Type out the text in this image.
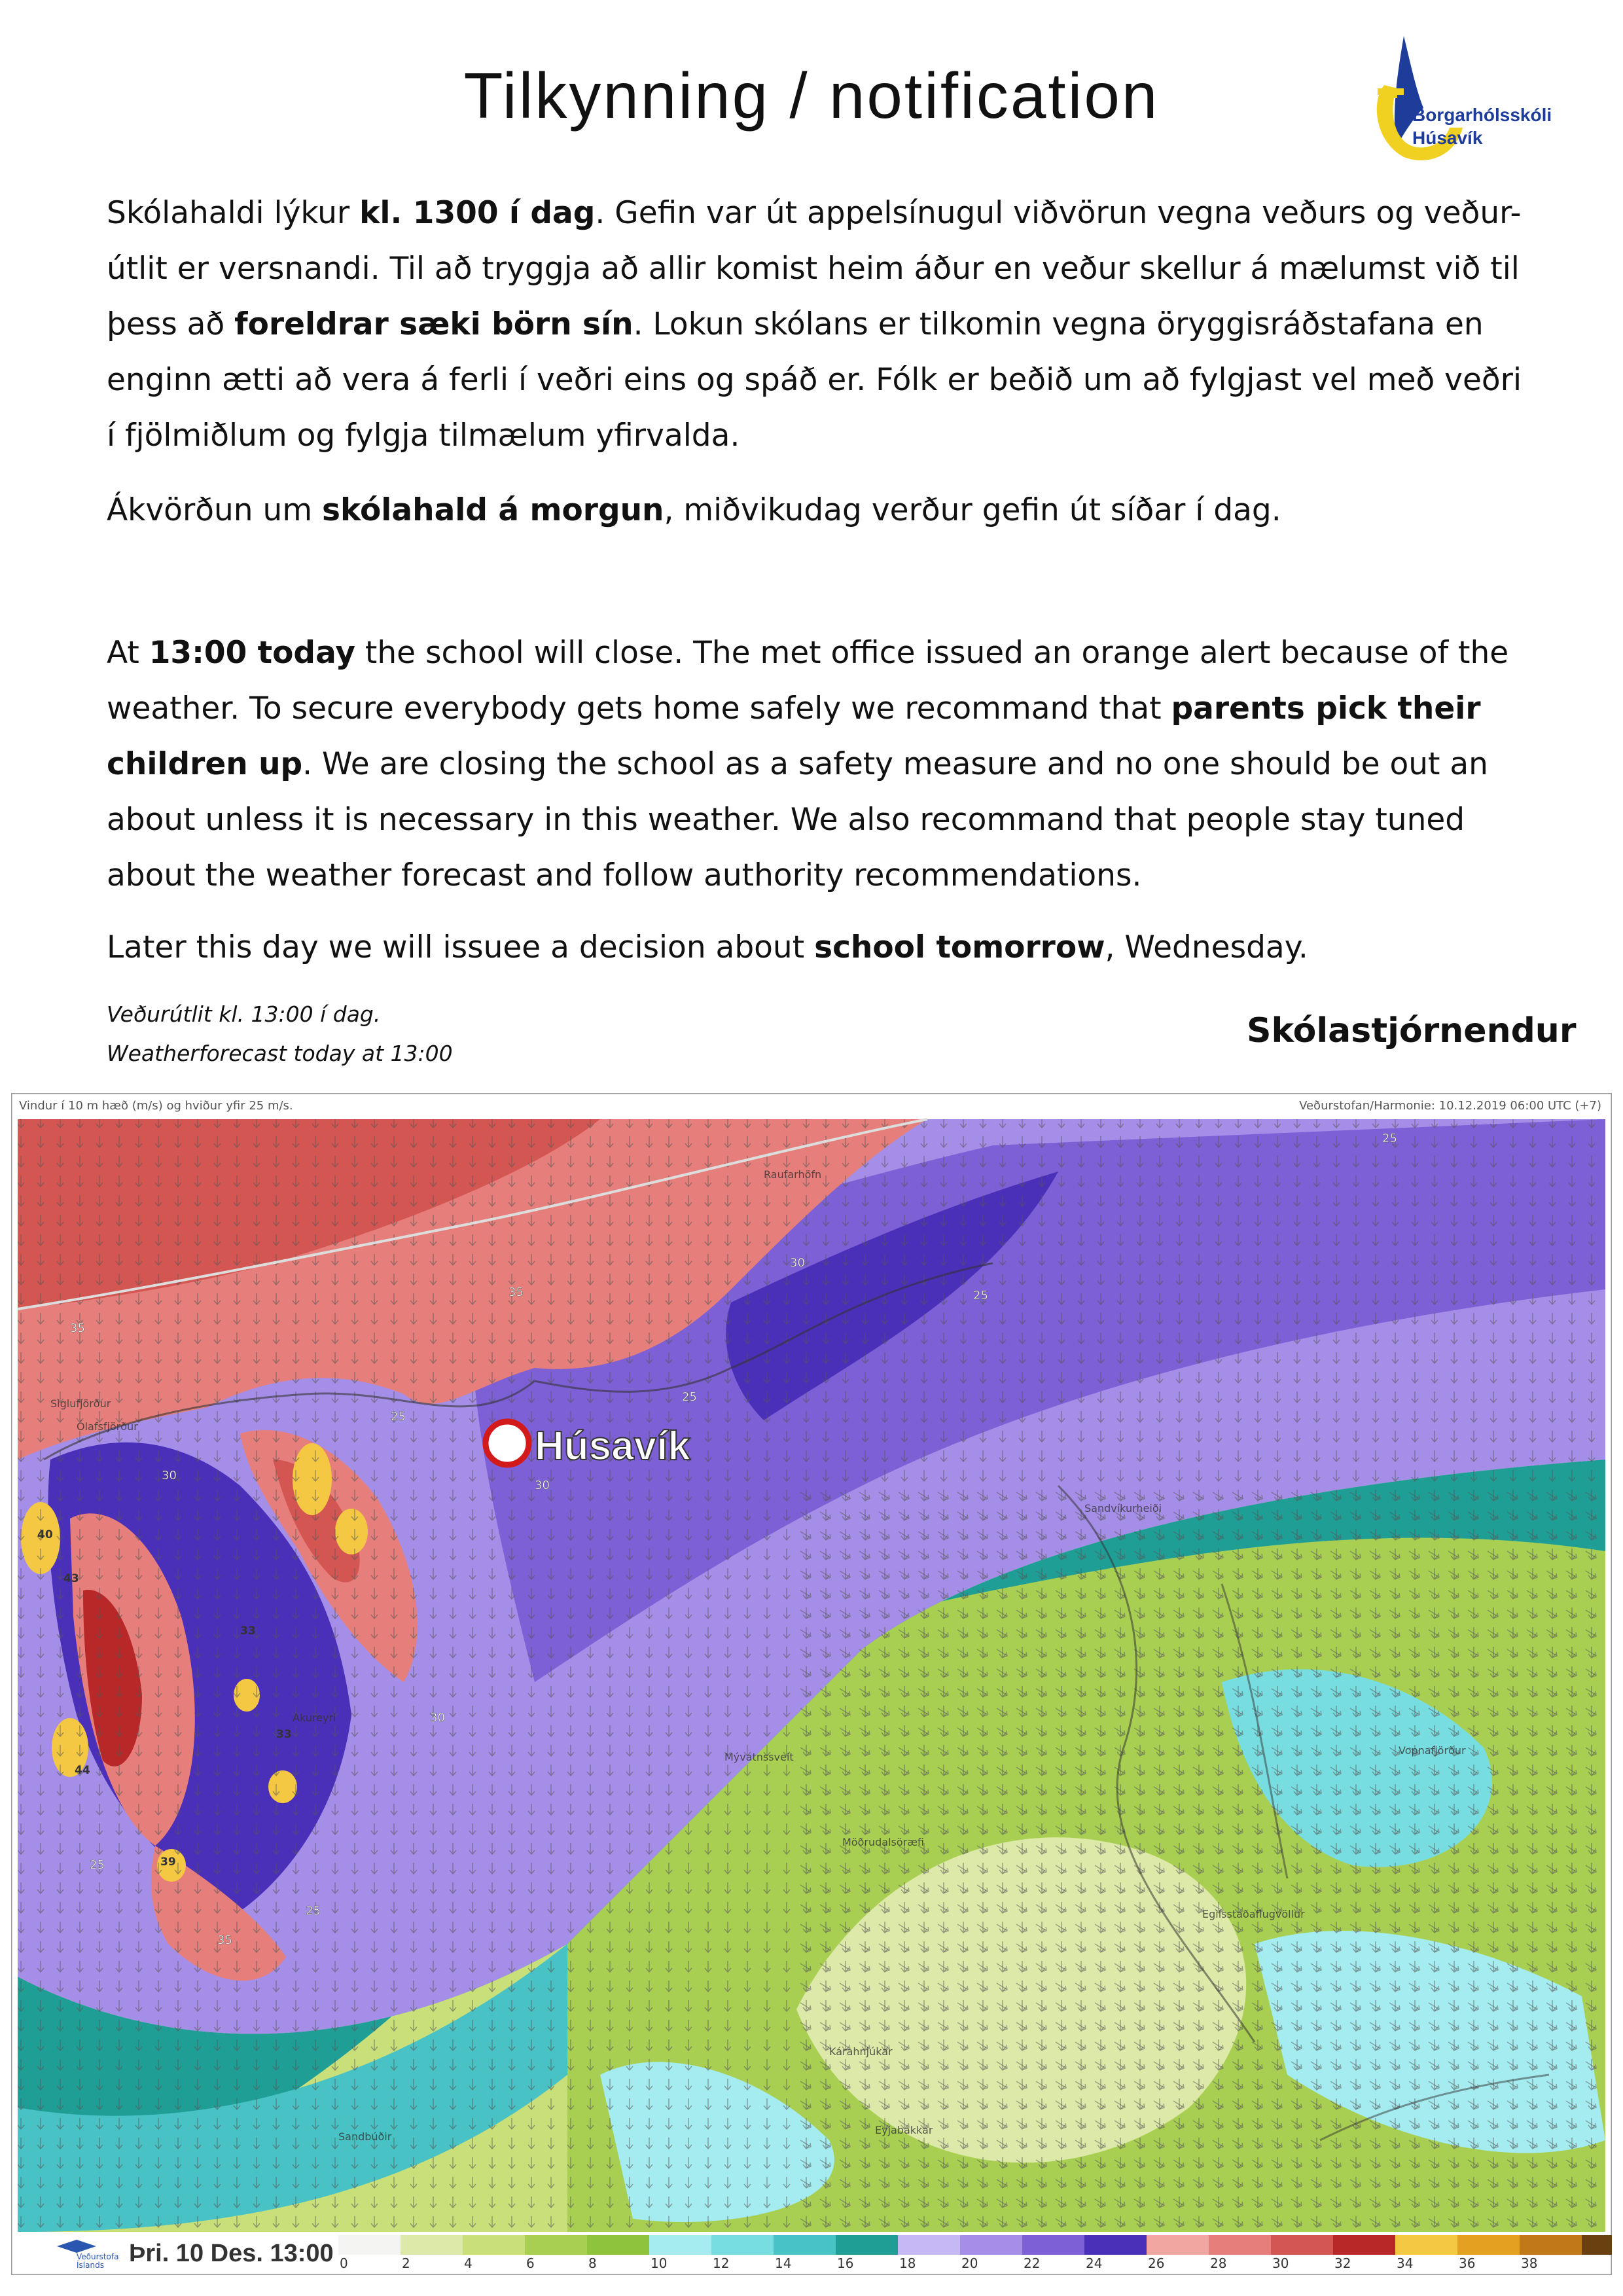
Tilkynning / notification	Borgarhólsskóli
Húsavík
Skólahaldi lýkur kl. 1300 í dag. Gefin var út appelsínugul viðvörun vegna veðurs og veður-
útlit er versnandi. Til að tryggja að allir komist heim áður en veður skellur á mælumst við til
þess að foreldrar sæki börn sín. Lokun skólans er tilkomin vegna öryggisráðstafana en
enginn ætti að vera á ferli í veðri eins og spáð er. Fólk er beðið um að fylgjast vel með veðri
í fjölmiðlum og fylgja tilmælum yfirvalda.
Ákvörðun um skólahald á morgun, miðvikudag verður gefin út síðar í dag.
At 13:00 today the school will close. The met office issued an orange alert because of the
weather. To secure everybody gets home safely we recommand that parents pick their
children up. We are closing the school as a safety measure and no one should be out an
about unless it is necessary in this weather. We also recommand that people stay tuned
about the weather forecast and follow authority recommendations.
Later this day we will issuee a decision about school tomorrow, Wednesday.
Veðurútlit kl. 13:00 í dag.
Weatherforecast today at 13:00
Skólastjórnendur
Vindur í 10 m hæð (m/s) og hviður yfir 25 m/s.	Veðurstofan/Harmonie: 10.12.2019 06:00 UTC (+7)
Siglufjörður
Ólafsfjörður
Akureyri
Mývatnssveit
Sandvíkurheiði
Möðrudalsöræfi
Egilsstaðaflugvöllur
Vopnafjörður
Kárahnjúkar
Eyjabakkar
Sandbúðir
Raufarhöfn
25
30
35
35
30
25
30
25
25
35
30
25
25
43
33
33
44
39
40
Húsavík
Veðurstofa
Íslands Þri. 10 Des. 13:00 0	2	4	6	8	10	12	14	16	18	20	22	24	26	28	30	32	34	36	38
